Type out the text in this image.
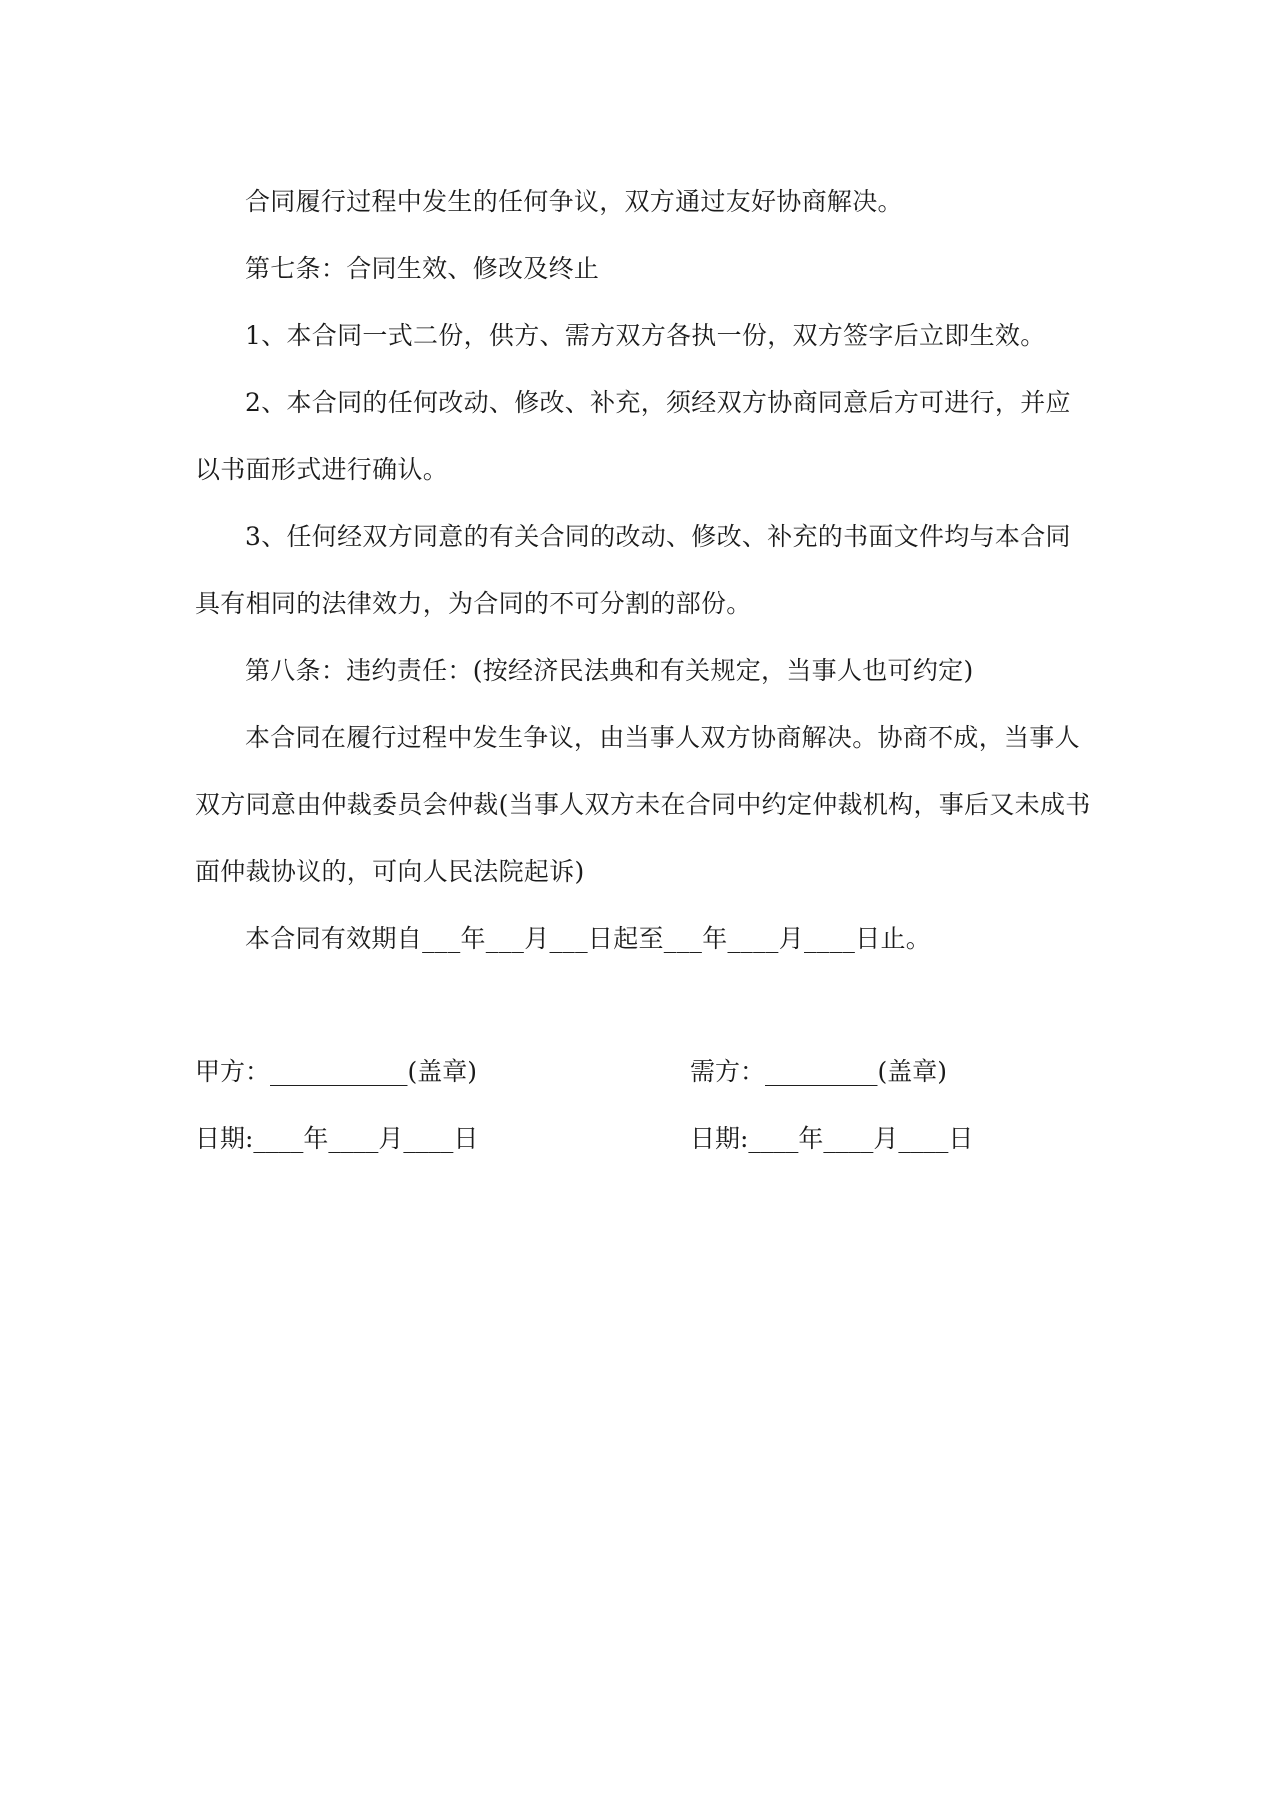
合同履行过程中发生的任何争议，双方通过友好协商解决。

第七条：合同生效、修改及终止

1、本合同一式二份，供方、需方双方各执一份，双方签字后立即生效。

2、本合同的任何改动、修改、补充，须经双方协商同意后方可进行，并应以书面形式进行确认。

3、任何经双方同意的有关合同的改动、修改、补充的书面文件均与本合同具有相同的法律效力，为合同的不可分割的部份。

第八条：违约责任：(按经济民法典和有关规定，当事人也可约定)

本合同在履行过程中发生争议，由当事人双方协商解决。协商不成，当事人双方同意由仲裁委员会仲裁(当事人双方未在合同中约定仲裁机构，事后又未成书面仲裁协议的，可向人民法院起诉)

本合同有效期自___年___月___日起至___年____月____日止。

甲方：___________(盖章)	需方：_________(盖章)
日期:____年____月____日	日期:____年____月____日
